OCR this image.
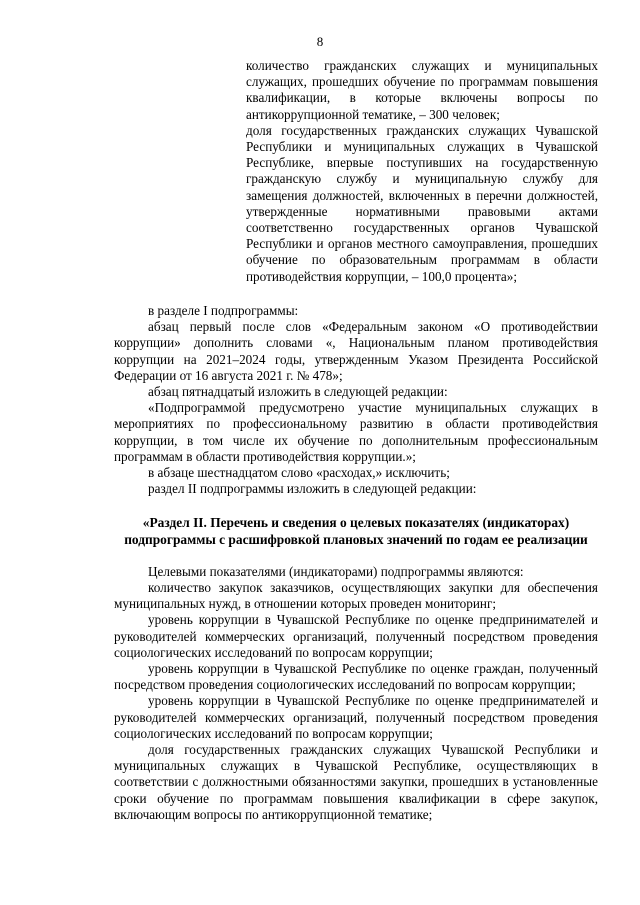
8

количество гражданских служащих и муниципальных служащих, прошедших обучение по программам повышения квалификации, в которые включены вопросы по антикоррупционной тематике, – 300 человек;

доля государственных гражданских служащих Чувашской Республики и муниципальных служащих в Чувашской Республике, впервые поступивших на государственную гражданскую службу и муниципальную службу для замещения должностей, включенных в перечни должностей, утвержденные нормативными правовыми актами соответственно государственных органов Чувашской Республики и органов местного самоуправления, прошедших обучение по образовательным программам в области противодействия коррупции, – 100,0 процента»;

в разделе I подпрограммы:

абзац первый после слов «Федеральным законом «О противодействии коррупции» дополнить словами «, Национальным планом противодействия коррупции на 2021–2024 годы, утвержденным Указом Президента Российской Федерации от 16 августа 2021 г. № 478»;

абзац пятнадцатый изложить в следующей редакции:

«Подпрограммой предусмотрено участие муниципальных служащих в мероприятиях по профессиональному развитию в области противодействия коррупции, в том числе их обучение по дополнительным профессиональным программам в области противодействия коррупции.»;

в абзаце шестнадцатом слово «расходах,» исключить;

раздел II подпрограммы изложить в следующей редакции:

«Раздел II. Перечень и сведения о целевых показателях (индикаторах) подпрограммы с расшифровкой плановых значений по годам ее реализации

Целевыми показателями (индикаторами) подпрограммы являются:

количество закупок заказчиков, осуществляющих закупки для обеспечения муниципальных нужд, в отношении которых проведен мониторинг;

уровень коррупции в Чувашской Республике по оценке предпринимателей и руководителей коммерческих организаций, полученный посредством проведения социологических исследований по вопросам коррупции;

уровень коррупции в Чувашской Республике по оценке граждан, полученный посредством проведения социологических исследований по вопросам коррупции;

уровень коррупции в Чувашской Республике по оценке предпринимателей и руководителей коммерческих организаций, полученный посредством проведения социологических исследований по вопросам коррупции;

доля государственных гражданских служащих Чувашской Республики и муниципальных служащих в Чувашской Республике, осуществляющих в соответствии с должностными обязанностями закупки, прошедших в установленные сроки обучение по программам повышения квалификации в сфере закупок, включающим вопросы по антикоррупционной тематике;
